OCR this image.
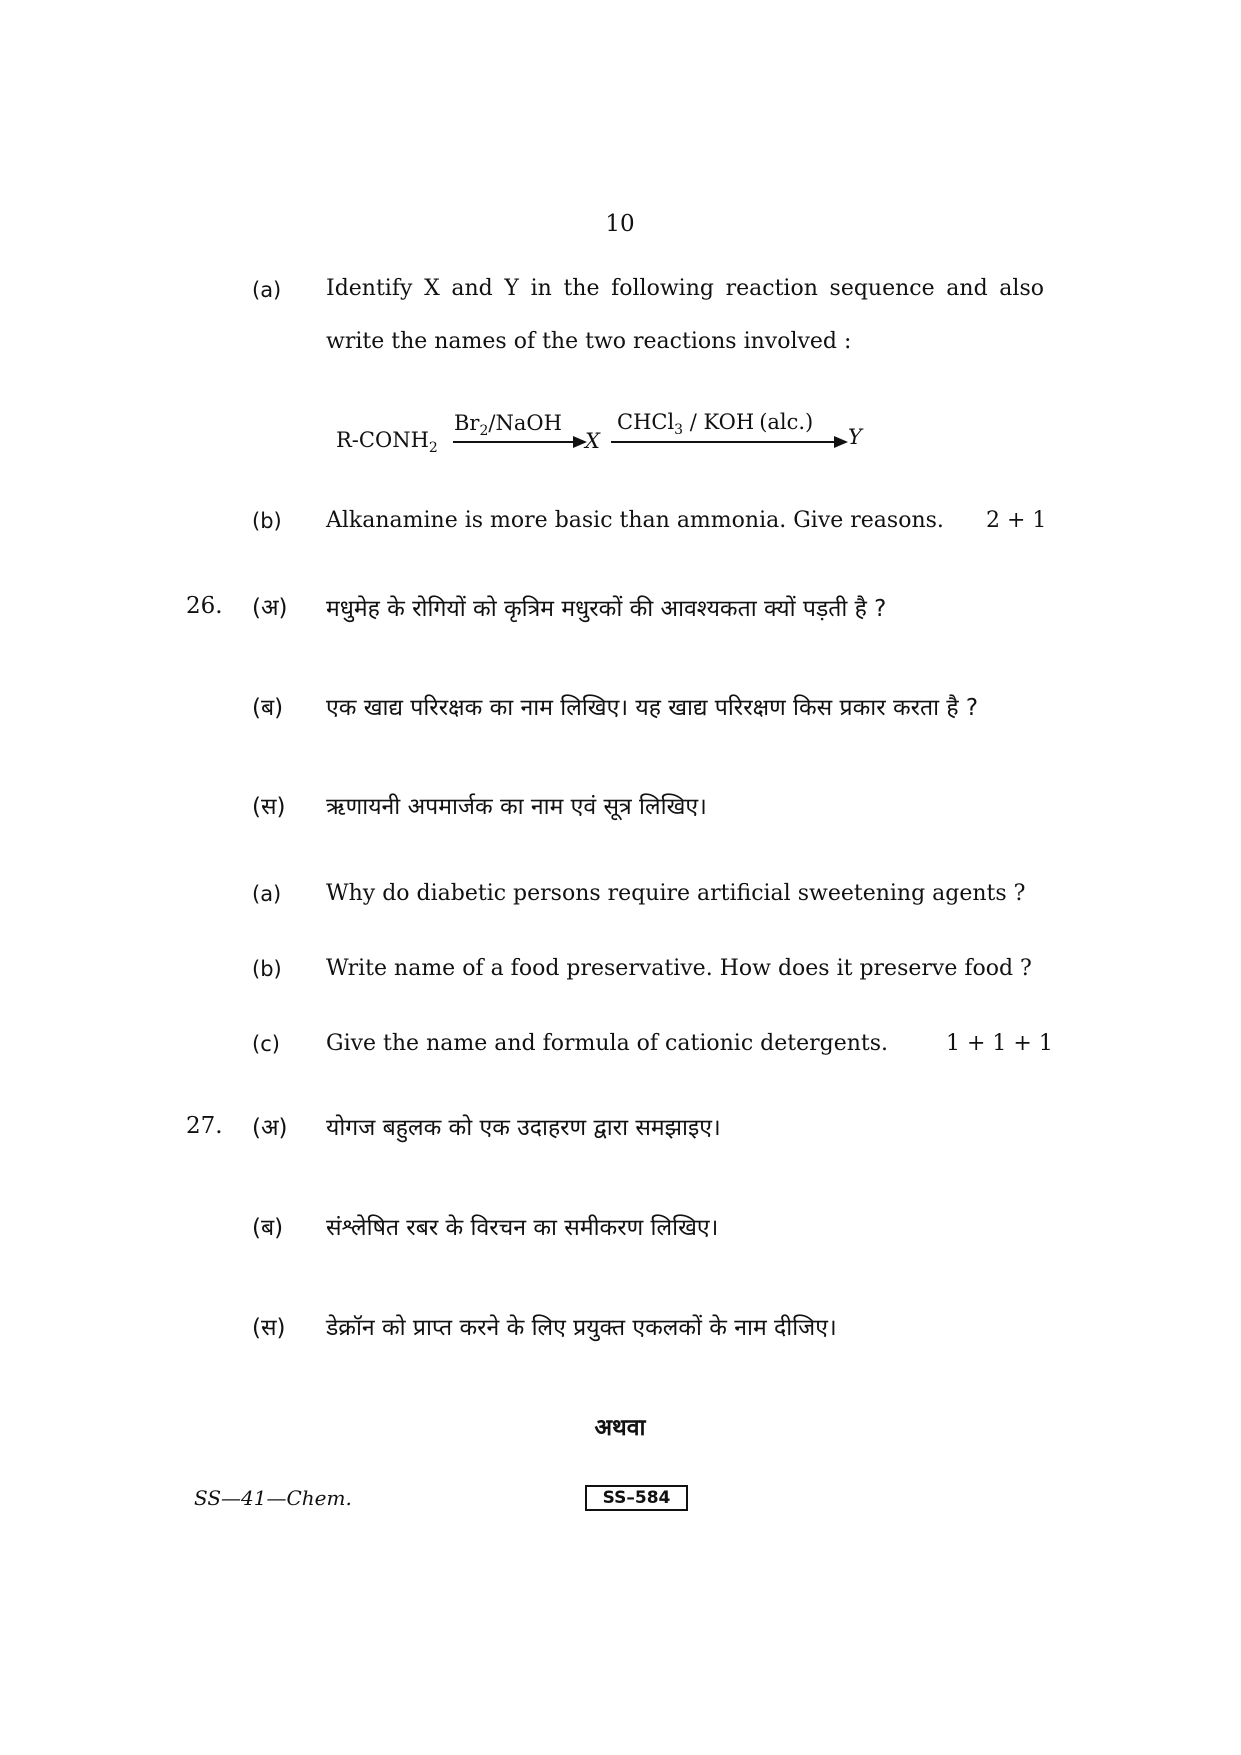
10
(a) Identify X and Y in the following reaction sequence and also
write the names of the two reactions involved :
$R-CONH_2$
$Br_2$/NaOH
X
CHCl$_3$ / KOH (alc.)
Y
(b) Alkanamine is more basic than ammonia. Give reasons. 2 + 1
26. (अ) मधुमेह के रोगियों को कृत्रिम मधुरकों की आवश्यकता क्यों पड़ती है ?
(ब) एक खाद्य परिरक्षक का नाम लिखिए। यह खाद्य परिरक्षण किस प्रकार करता है ?
(स) ऋणायनी अपमार्जक का नाम एवं सूत्र लिखिए।
(a) Why do diabetic persons require artificial sweetening agents ?
(b) Write name of a food preservative. How does it preserve food ?
(c) Give the name and formula of cationic detergents.	1 + 1 + 1
27. (अ) योगज बहुलक को एक उदाहरण द्वारा समझाइए।
(ब) संश्लेषित रबर के विरचन का समीकरण लिखिए।
(स) डेक्रॉन को प्राप्त करने के लिए प्रयुक्त एकलकों के नाम दीजिए।
अथवा
SS—41—Chem.	SS–584
